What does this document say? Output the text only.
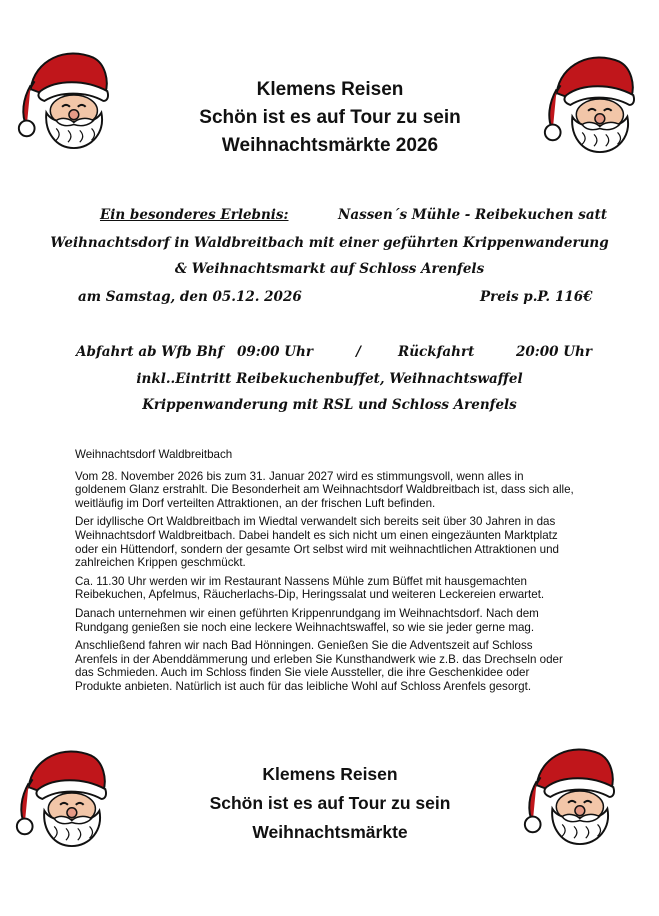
Klemens Reisen
Schön ist es auf Tour zu sein
Weihnachtsmärkte 2026
Ein besonderes Erlebnis:	Nassen´s Mühle - Reibekuchen satt
Weihnachtsdorf in Waldbreitbach mit einer geführten Krippenwanderung
& Weihnachtsmarkt auf Schloss Arenfels
am Samstag, den 05.12. 2026	Preis p.P. 116€
Abfahrt ab Wfb Bhf 09:00 Uhr	/	Rückfahrt	20:00 Uhr
inkl..Eintritt Reibekuchenbuffet, Weihnachtswaffel
Krippenwanderung mit RSL und Schloss Arenfels

Weihnachtsdorf Waldbreitbach

Vom 28. November 2026 bis zum 31. Januar 2027 wird es stimmungsvoll, wenn alles in goldenem Glanz erstrahlt. Die Besonderheit am Weihnachtsdorf Waldbreitbach ist, dass sich alle, weitläufig im Dorf verteilten Attraktionen, an der frischen Luft befinden.

Der idyllische Ort Waldbreitbach im Wiedtal verwandelt sich bereits seit über 30 Jahren in das Weihnachtsdorf Waldbreitbach. Dabei handelt es sich nicht um einen eingezäunten Marktplatz oder ein Hüttendorf, sondern der gesamte Ort selbst wird mit weihnachtlichen Attraktionen und zahlreichen Krippen geschmückt.

Ca. 11.30 Uhr werden wir im Restaurant Nassens Mühle zum Büffet mit hausgemachten Reibekuchen, Apfelmus, Räucherlachs-Dip, Heringssalat und weiteren Leckereien erwartet.

Danach unternehmen wir einen geführten Krippenrundgang im Weihnachtsdorf. Nach dem Rundgang genießen sie noch eine leckere Weihnachtswaffel, so wie sie jeder gerne mag.

Anschließend fahren wir nach Bad Hönningen. Genießen Sie die Adventszeit auf Schloss Arenfels in der Abenddämmerung und erleben Sie Kunsthandwerk wie z.B. das Drechseln oder das Schmieden. Auch im Schloss finden Sie viele Aussteller, die ihre Geschenkidee oder Produkte anbieten. Natürlich ist auch für das leibliche Wohl auf Schloss Arenfels gesorgt.

Klemens Reisen
Schön ist es auf Tour zu sein
Weihnachtsmärkte
